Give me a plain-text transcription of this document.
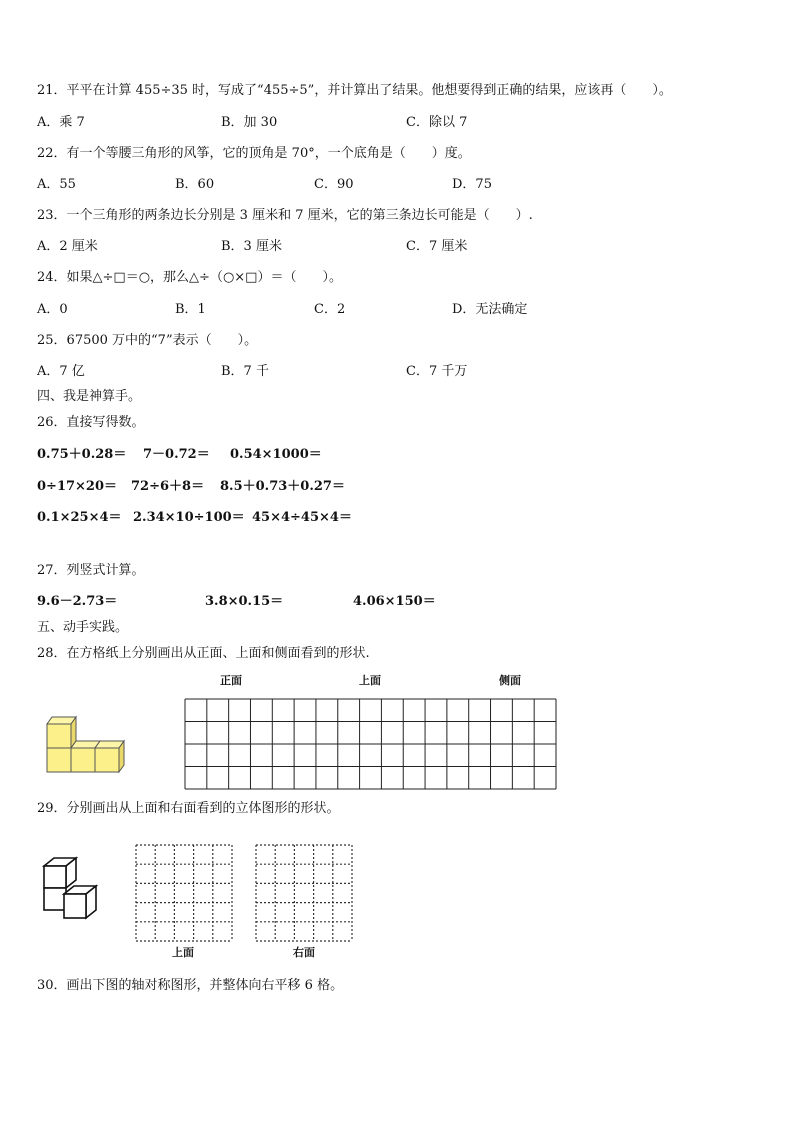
21．平平在计算 455÷35 时，写成了“455÷5”，并计算出了结果。他想要得到正确的结果，应该再（　　）。
A．乘 7	B．加 30	C．除以 7
22．有一个等腰三角形的风筝，它的顶角是 70°，一个底角是（　　）度。
A．55	B．60	C．90	D．75
23．一个三角形的两条边长分别是 3 厘米和 7 厘米，它的第三条边长可能是（　　）.
A．2 厘米	B．3 厘米	C．7 厘米
24．如果△÷□＝○，那么△÷（○×□）＝（　　）。
A．0	B．1	C．2	D．无法确定
25．67500 万中的“7”表示（　　）。
A．7 亿	B．7 千	C．7 千万
四、我是神算手。
26．直接写得数。
0.75＋0.28＝ 7－0.72＝ 0.54×1000＝
0÷17×20＝ 72÷6＋8＝ 8.5＋0.73＋0.27＝
0.1×25×4＝ 2.34×10÷100＝ 45×4÷45×4＝
27．列竖式计算。
9.6－2.73＝	3.8×0.15＝	4.06×150＝
五、动手实践。
28．在方格纸上分别画出从正面、上面和侧面看到的形状.
正面	上面	侧面
29．分别画出从上面和右面看到的立体图形的形状。
上面	右面
30．画出下图的轴对称图形，并整体向右平移 6 格。
